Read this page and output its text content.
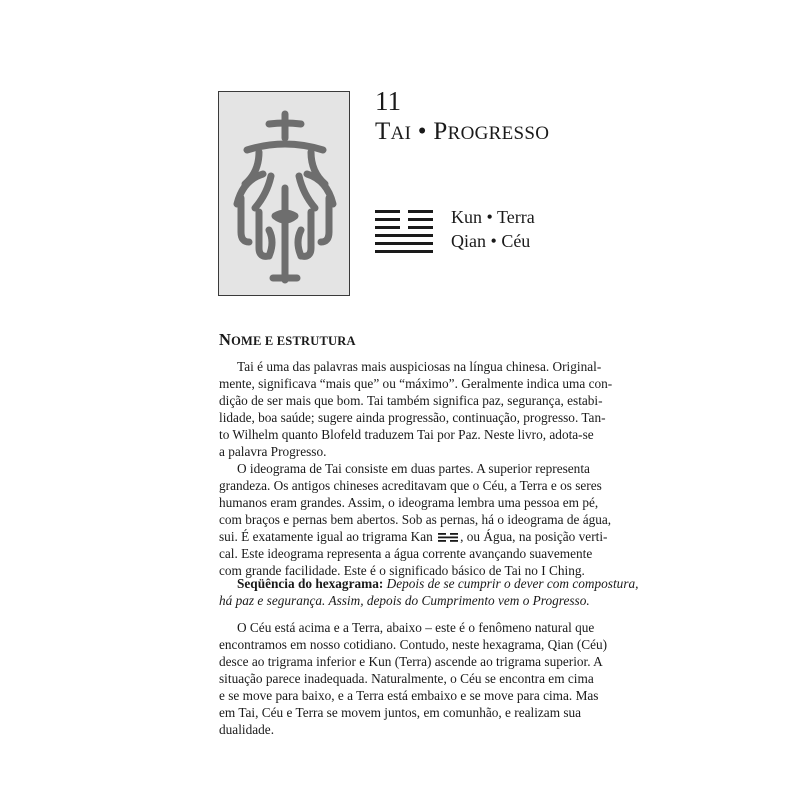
11
TAI • PROGRESSO
Kun • Terra
Qian • Céu
NOME E ESTRUTURA

Tai é uma das palavras mais auspiciosas na língua chinesa. Original-
mente, significava “mais que” ou “máximo”. Geralmente indica uma con-
dição de ser mais que bom. Tai também significa paz, segurança, estabi-
lidade, boa saúde; sugere ainda progressão, continuação, progresso. Tan-
to Wilhelm quanto Blofeld traduzem Tai por Paz. Neste livro, adota-se
a palavra Progresso.

O ideograma de Tai consiste em duas partes. A superior representa
grandeza. Os antigos chineses acreditavam que o Céu, a Terra e os seres
humanos eram grandes. Assim, o ideograma lembra uma pessoa em pé,
com braços e pernas bem abertos. Sob as pernas, há o ideograma de água,
sui. É exatamente igual ao trigrama Kan , ou Água, na posição verti-
cal. Este ideograma representa a água corrente avançando suavemente
com grande facilidade. Este é o significado básico de Tai no I Ching.

Seqüência do hexagrama: Depois de se cumprir o dever com compostura,
há paz e segurança. Assim, depois do Cumprimento vem o Progresso.

O Céu está acima e a Terra, abaixo – este é o fenômeno natural que
encontramos em nosso cotidiano. Contudo, neste hexagrama, Qian (Céu)
desce ao trigrama inferior e Kun (Terra) ascende ao trigrama superior. A
situação parece inadequada. Naturalmente, o Céu se encontra em cima
e se move para baixo, e a Terra está embaixo e se move para cima. Mas
em Tai, Céu e Terra se movem juntos, em comunhão, e realizam sua
dualidade.
